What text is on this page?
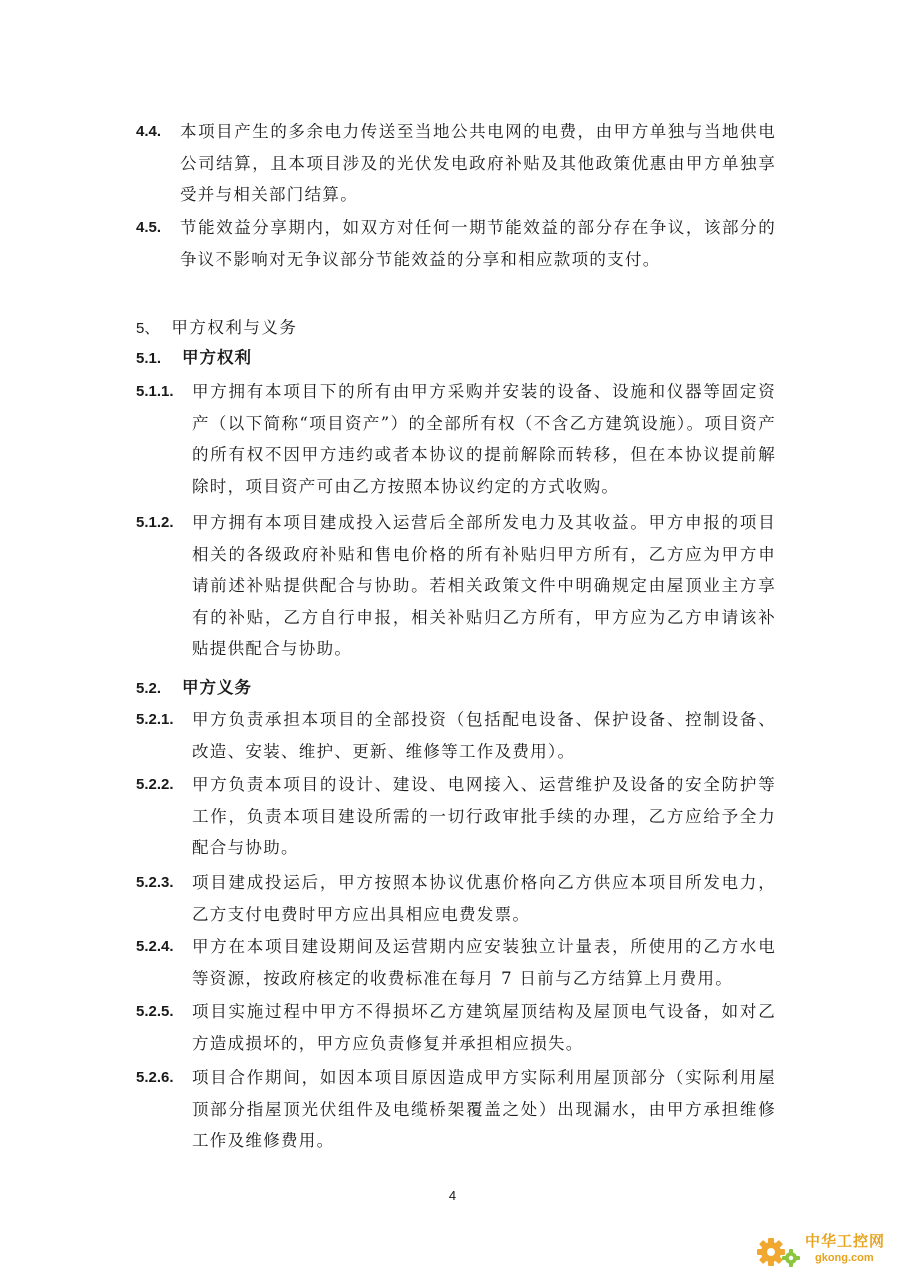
4.4.	本项目产生的多余电力传送至当地公共电网的电费，由甲方单独与当地供电公司结算，且本项目涉及的光伏发电政府补贴及其他政策优惠由甲方单独享受并与相关部门结算。
4.5.	节能效益分享期内，如双方对任何一期节能效益的部分存在争议，该部分的争议不影响对无争议部分节能效益的分享和相应款项的支付。
5、 甲方权利与义务
5.1. 甲方权利
5.1.1.	甲方拥有本项目下的所有由甲方采购并安装的设备、设施和仪器等固定资产（以下简称“项目资产”）的全部所有权（不含乙方建筑设施）。项目资产的所有权不因甲方违约或者本协议的提前解除而转移，但在本协议提前解除时，项目资产可由乙方按照本协议约定的方式收购。
5.1.2.	甲方拥有本项目建成投入运营后全部所发电力及其收益。甲方申报的项目相关的各级政府补贴和售电价格的所有补贴归甲方所有，乙方应为甲方申请前述补贴提供配合与协助。若相关政策文件中明确规定由屋顶业主方享有的补贴，乙方自行申报，相关补贴归乙方所有，甲方应为乙方申请该补贴提供配合与协助。
5.2. 甲方义务
5.2.1.	甲方负责承担本项目的全部投资（包括配电设备、保护设备、控制设备、改造、安装、维护、更新、维修等工作及费用）。
5.2.2.	甲方负责本项目的设计、建设、电网接入、运营维护及设备的安全防护等工作，负责本项目建设所需的一切行政审批手续的办理，乙方应给予全力配合与协助。
5.2.3.	项目建成投运后，甲方按照本协议优惠价格向乙方供应本项目所发电力，乙方支付电费时甲方应出具相应电费发票。
5.2.4.	甲方在本项目建设期间及运营期内应安装独立计量表，所使用的乙方水电等资源，按政府核定的收费标准在每月 7 日前与乙方结算上月费用。
5.2.5.	项目实施过程中甲方不得损坏乙方建筑屋顶结构及屋顶电气设备，如对乙方造成损坏的，甲方应负责修复并承担相应损失。
5.2.6.	项目合作期间，如因本项目原因造成甲方实际利用屋顶部分（实际利用屋顶部分指屋顶光伏组件及电缆桥架覆盖之处）出现漏水，由甲方承担维修工作及维修费用。
4
中华工控网
gkong.com
